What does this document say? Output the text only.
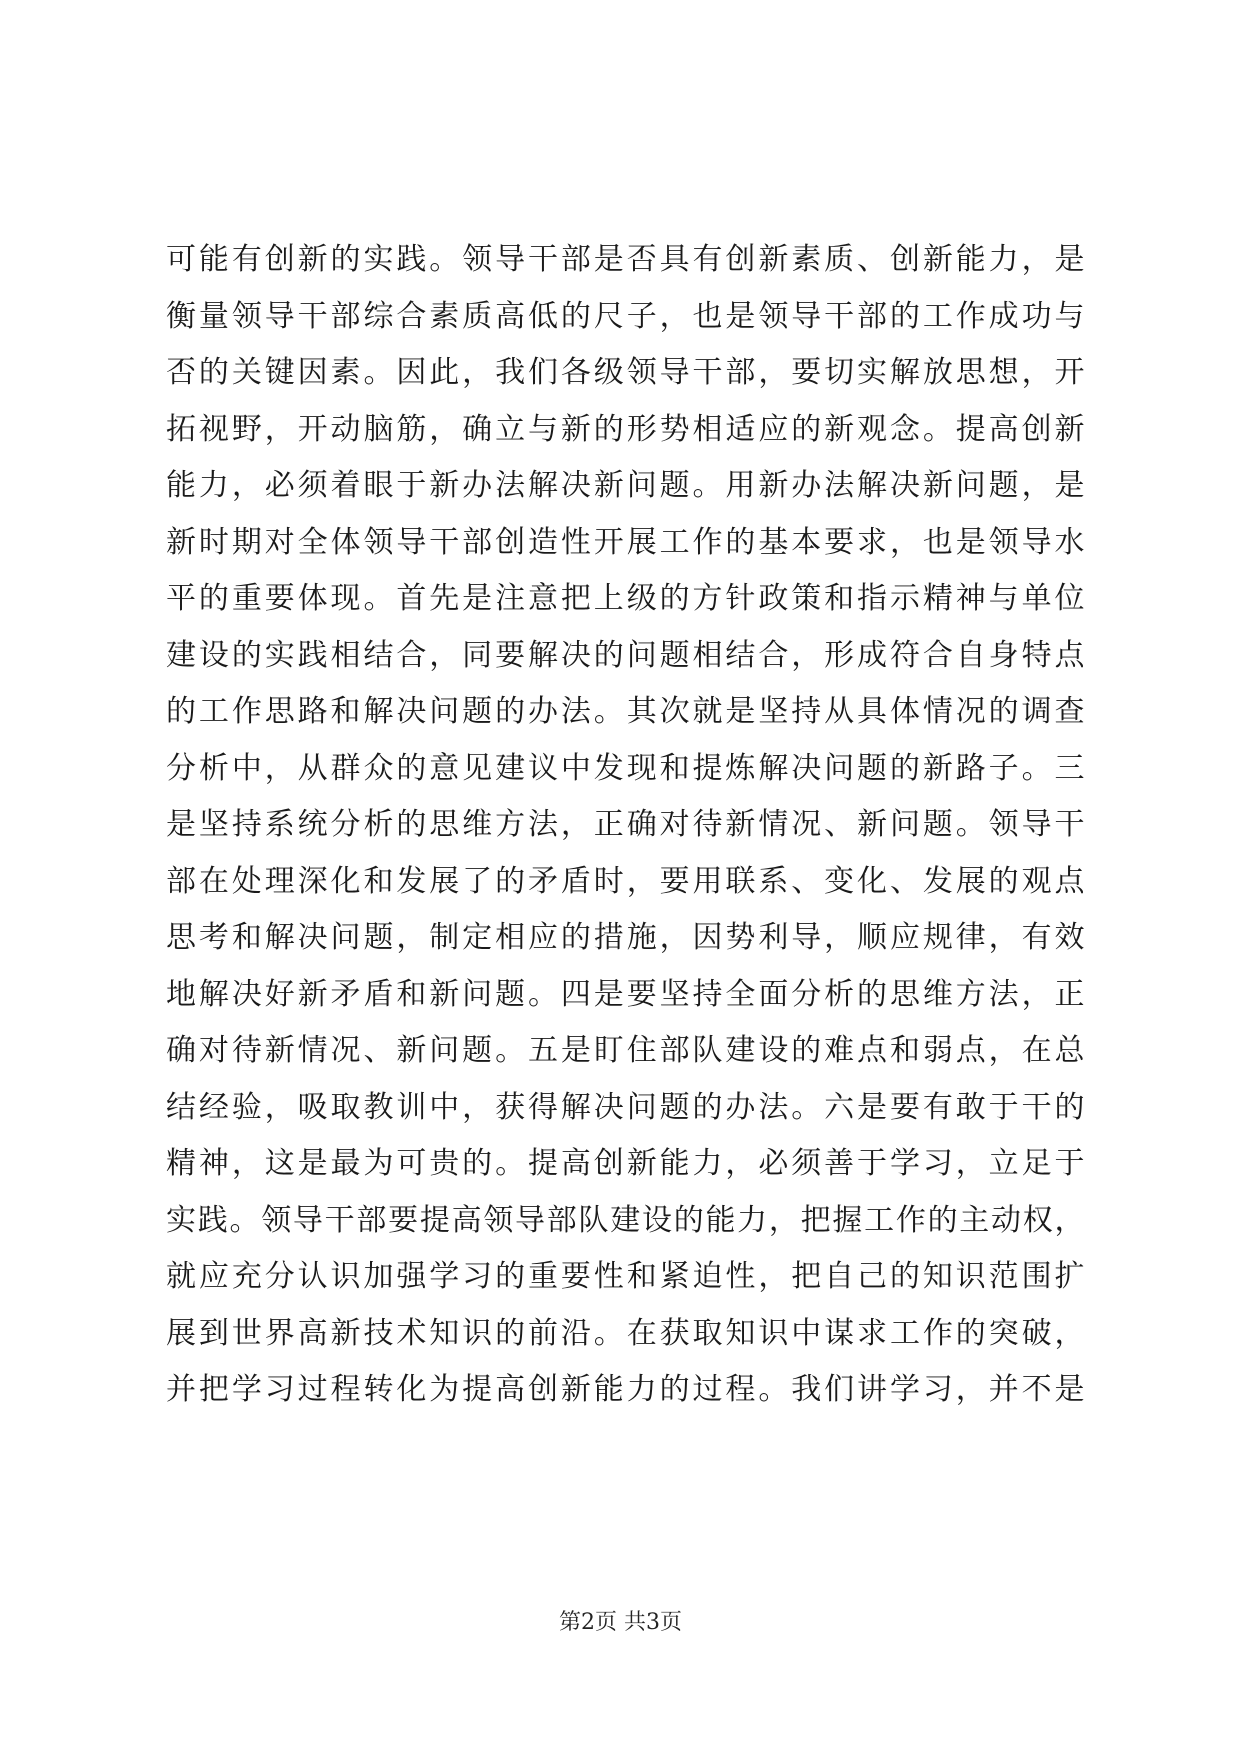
可能有创新的实践。领导干部是否具有创新素质、创新能力，是
衡量领导干部综合素质高低的尺子，也是领导干部的工作成功与
否的关键因素。因此，我们各级领导干部，要切实解放思想，开
拓视野，开动脑筋，确立与新的形势相适应的新观念。提高创新
能力，必须着眼于新办法解决新问题。用新办法解决新问题，是
新时期对全体领导干部创造性开展工作的基本要求，也是领导水
平的重要体现。首先是注意把上级的方针政策和指示精神与单位
建设的实践相结合，同要解决的问题相结合，形成符合自身特点
的工作思路和解决问题的办法。其次就是坚持从具体情况的调查
分析中，从群众的意见建议中发现和提炼解决问题的新路子。三
是坚持系统分析的思维方法，正确对待新情况、新问题。领导干
部在处理深化和发展了的矛盾时，要用联系、变化、发展的观点
思考和解决问题，制定相应的措施，因势利导，顺应规律，有效
地解决好新矛盾和新问题。四是要坚持全面分析的思维方法，正
确对待新情况、新问题。五是盯住部队建设的难点和弱点，在总
结经验，吸取教训中，获得解决问题的办法。六是要有敢于干的
精神，这是最为可贵的。提高创新能力，必须善于学习，立足于
实践。领导干部要提高领导部队建设的能力，把握工作的主动权，
就应充分认识加强学习的重要性和紧迫性，把自己的知识范围扩
展到世界高新技术知识的前沿。在获取知识中谋求工作的突破，
并把学习过程转化为提高创新能力的过程。我们讲学习，并不是
第2页 共3页
